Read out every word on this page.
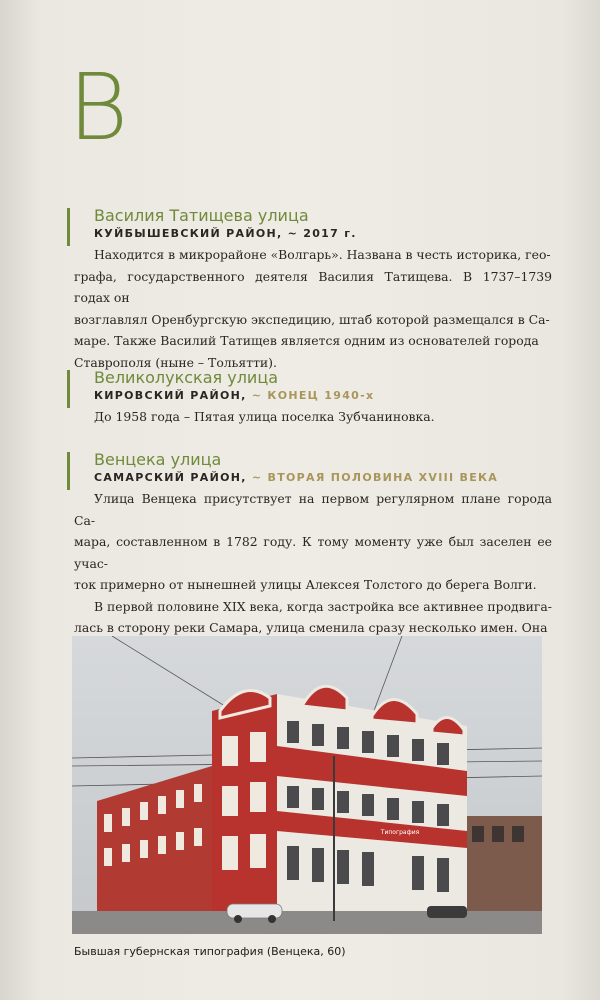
В
Василия Татищева улица
КУЙБЫШЕВСКИЙ РАЙОН, ~ 2017 г.

Находится в микрорайоне «Волгарь». Названа в честь историка, гео-
графа, государственного деятеля Василия Татищева. В 1737–1739 годах он
возглавлял Оренбургскую экспедицию, штаб которой размещался в Са-
маре. Также Василий Татищев является одним из основателей города
Ставрополя (ныне – Тольятти).

Великолукская улица
КИРОВСКИЙ РАЙОН, ~ КОНЕЦ 1940-х

До 1958 года – Пятая улица поселка Зубчаниновка.

Венцека улица
САМАРСКИЙ РАЙОН, ~ ВТОРАЯ ПОЛОВИНА XVIII ВЕКА

Улица Венцека присутствует на первом регулярном плане города Са-
мара, составленном в 1782 году. К тому моменту уже был заселен ее учас-
ток примерно от нынешней улицы Алексея Толстого до берега Волги.

В первой половине XIX века, когда застройка все активнее продвига-
лась в сторону реки Самара, улица сменила сразу несколько имен. Она

Типография
Бывшая губернская типография (Венцека, 60)
